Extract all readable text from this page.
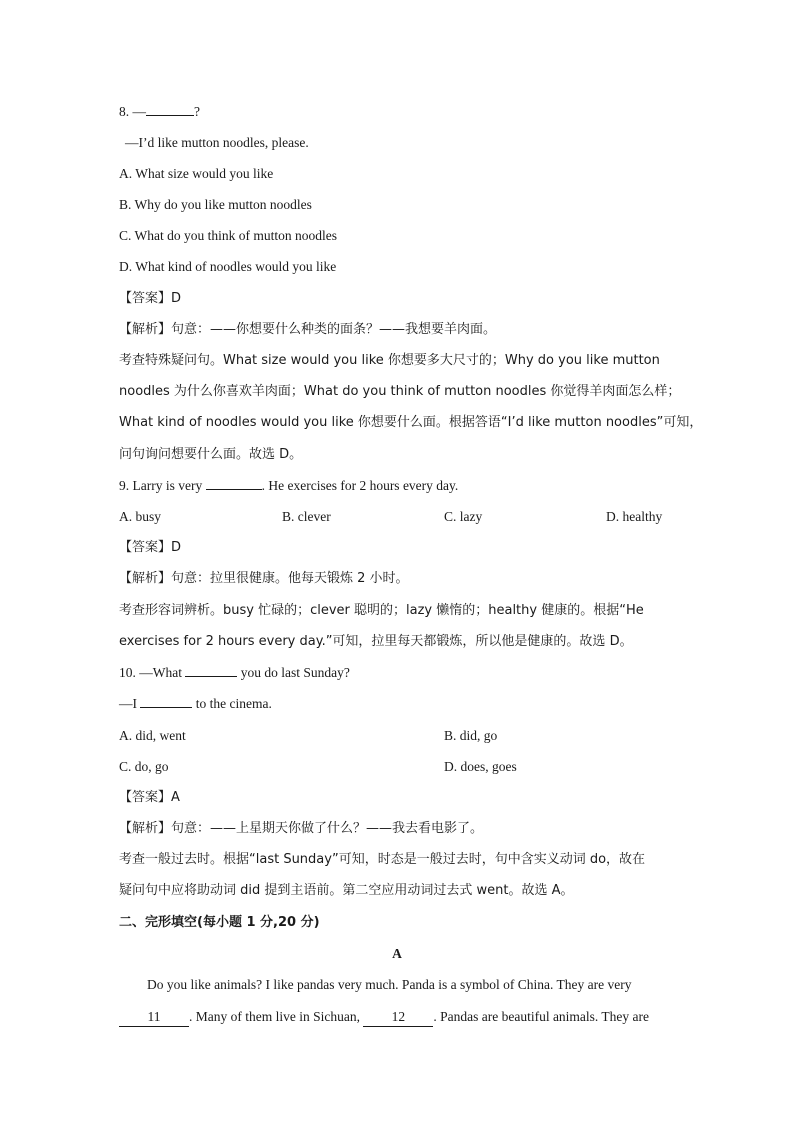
8. —	?
—I’d like mutton noodles, please.
A. What size would you like
B. Why do you like mutton noodles
C. What do you think of mutton noodles
D. What kind of noodles would you like
【答案】D
【解析】句意：——你想要什么种类的面条？——我想要羊肉面。
考查特殊疑问句。What size would you like 你想要多大尺寸的；Why do you like mutton
noodles 为什么你喜欢羊肉面；What do you think of mutton noodles 你觉得羊肉面怎么样；
What kind of noodles would you like 你想要什么面。根据答语“I’d like mutton noodles”可知，
问句询问想要什么面。故选 D。
9. Larry is very	. He exercises for 2 hours every day.
A. busy	B. clever	C. lazy	D. healthy
【答案】D
【解析】句意：拉里很健康。他每天锻炼 2 小时。
考查形容词辨析。busy 忙碌的；clever 聪明的；lazy 懒惰的；healthy 健康的。根据“He
exercises for 2 hours every day.”可知，拉里每天都锻炼，所以他是健康的。故选 D。
10. —What	you do last Sunday?
—I	to the cinema.
A. did, went	B. did, go
C. do, go	D. does, goes
【答案】A
【解析】句意：——上星期天你做了什么？——我去看电影了。
考查一般过去时。根据“last Sunday”可知，时态是一般过去时，句中含实义动词 do，故在
疑问句中应将助动词 did 提到主语前。第二空应用动词过去式 went。故选 A。
二、完形填空(每小题 1 分,20 分)
A
Do you like animals? I like pandas very much. Panda is a symbol of China. They are very
11 . Many of them live in Sichuan, 12 . Pandas are beautiful animals. They are
